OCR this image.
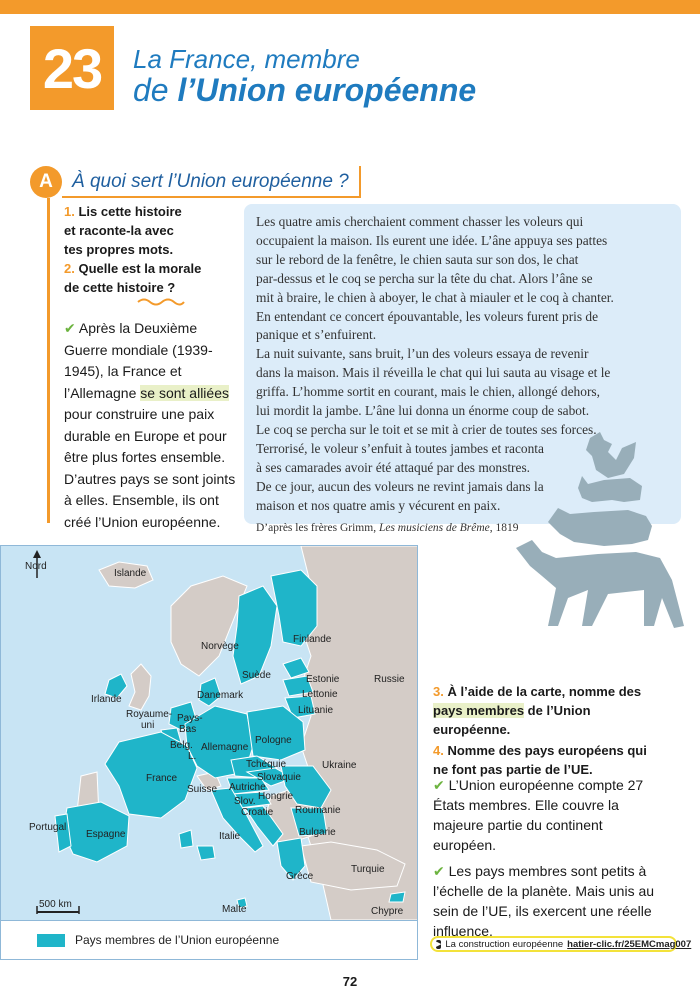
23 La France, membre
de l’Union européenne
A	À quoi sert l’Union européenne ?
1. Lis cette histoire
et raconte-la avec
tes propres mots.
2. Quelle est la morale
de cette histoire ?
✔ Après la Deuxième Guerre mondiale (1939-1945), la France et l’Allemagne se sont alliées pour construire une paix durable en Europe et pour être plus fortes ensemble. D’autres pays se sont joints à elles. Ensemble, ils ont créé l’Union européenne.
Les quatre amis cherchaient comment chasser les voleurs qui
occupaient la maison. Ils eurent une idée. L’âne appuya ses pattes
sur le rebord de la fenêtre, le chien sauta sur son dos, le chat
par-dessus et le coq se percha sur la tête du chat. Alors l’âne se
mit à braire, le chien à aboyer, le chat à miauler et le coq à chanter.
En entendant ce concert épouvantable, les voleurs furent pris de
panique et s’enfuirent.
La nuit suivante, sans bruit, l’un des voleurs essaya de revenir
dans la maison. Mais il réveilla le chat qui lui sauta au visage et le
griffa. L’homme sortit en courant, mais le chien, allongé dehors,
lui mordit la jambe. L’âne lui donna un énorme coup de sabot.
Le coq se percha sur le toit et se mit à crier de toutes ses forces.
Terrorisé, le voleur s’enfuit à toutes jambes et raconta
à ses camarades avoir été attaqué par des monstres.
De ce jour, aucun des voleurs ne revint jamais dans la
maison et nos quatre amis y vécurent en paix.
D’après les frères Grimm, Les musiciens de Brême, 1819
Nord
Islande
Norvège
Finlande
Suède	Estonie	Russie
Irlande	Danemark	Lettonie
Lituanie
Royaume-
uni
Pays-
Bas
Belg.
L.
Allemagne
Pologne
France
Tchéquie
Slovaquie
Autriche
Hongrie
Suisse
Slov.
Croatie
Ukraine
Roumanie
Bulgarie
Portugal
Espagne	Italie
Turquie
Grèce
Malte	Chypre
500 km
Pays membres de l’Union européenne
3. À l’aide de la carte, nomme des pays membres de l’Union européenne.
4. Nomme des pays européens qui ne font pas partie de l’UE.

✔ L’Union européenne compte 27 États membres. Elle couvre la majeure partie du continent européen.

✔ Les pays membres sont petits à l’échelle de la planète. Mais unis au sein de l’UE, ils exercent une réelle influence.

▶ La construction européenne hatier-clic.fr/25EMCmag007
72
